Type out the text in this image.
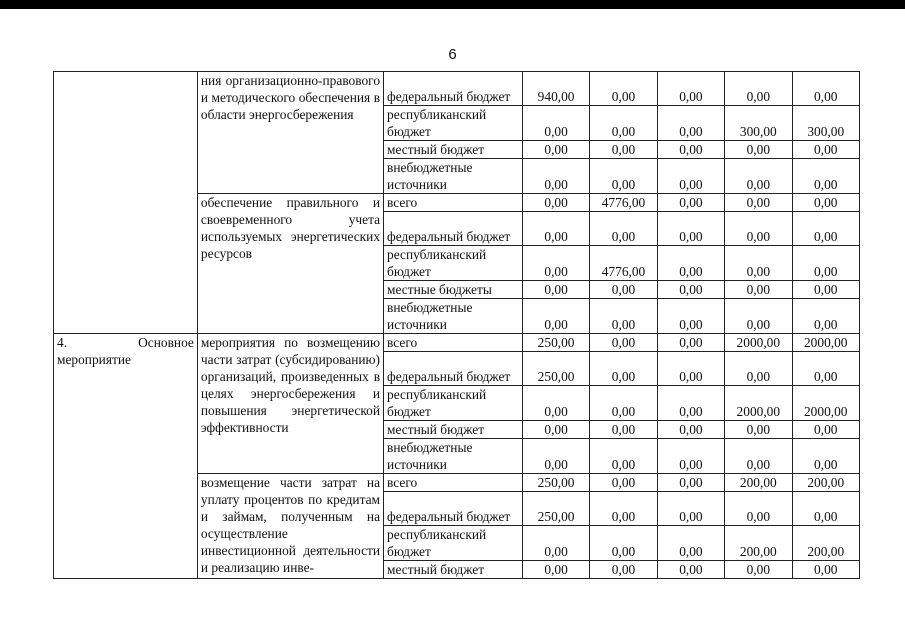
6
	ния организационно-правового и методического обеспечения в области энергосбережения	федеральный бюджет	940,00	0,00	0,00	0,00	0,00
		республиканский бюджет	0,00	0,00	0,00	300,00	300,00
		местный бюджет	0,00	0,00	0,00	0,00	0,00
		внебюджетные источники	0,00	0,00	0,00	0,00	0,00
	обеспечение правильного и своевременного учета используемых энергетических ресурсов	всего	0,00	4776,00	0,00	0,00	0,00
		федеральный бюджет	0,00	0,00	0,00	0,00	0,00
		республиканский бюджет	0,00	4776,00	0,00	0,00	0,00
		местные бюджеты	0,00	0,00	0,00	0,00	0,00
		внебюджетные источники	0,00	0,00	0,00	0,00	0,00
4. Основное мероприятие	мероприятия по возмещению части затрат (субсидированию) организаций, произведенных в целях энергосбережения и повышения энергетической эффективности	всего	250,00	0,00	0,00	2000,00	2000,00
		федеральный бюджет	250,00	0,00	0,00	0,00	0,00
		республиканский бюджет	0,00	0,00	0,00	2000,00	2000,00
		местный бюджет	0,00	0,00	0,00	0,00	0,00
		внебюджетные источники	0,00	0,00	0,00	0,00	0,00
	возмещение части затрат на уплату процентов по кредитам и займам, полученным на осуществление инвестиционной деятельности и реализацию инве-	всего	250,00	0,00	0,00	200,00	200,00
		федеральный бюджет	250,00	0,00	0,00	0,00	0,00
		республиканский бюджет	0,00	0,00	0,00	200,00	200,00
		местный бюджет	0,00	0,00	0,00	0,00	0,00
